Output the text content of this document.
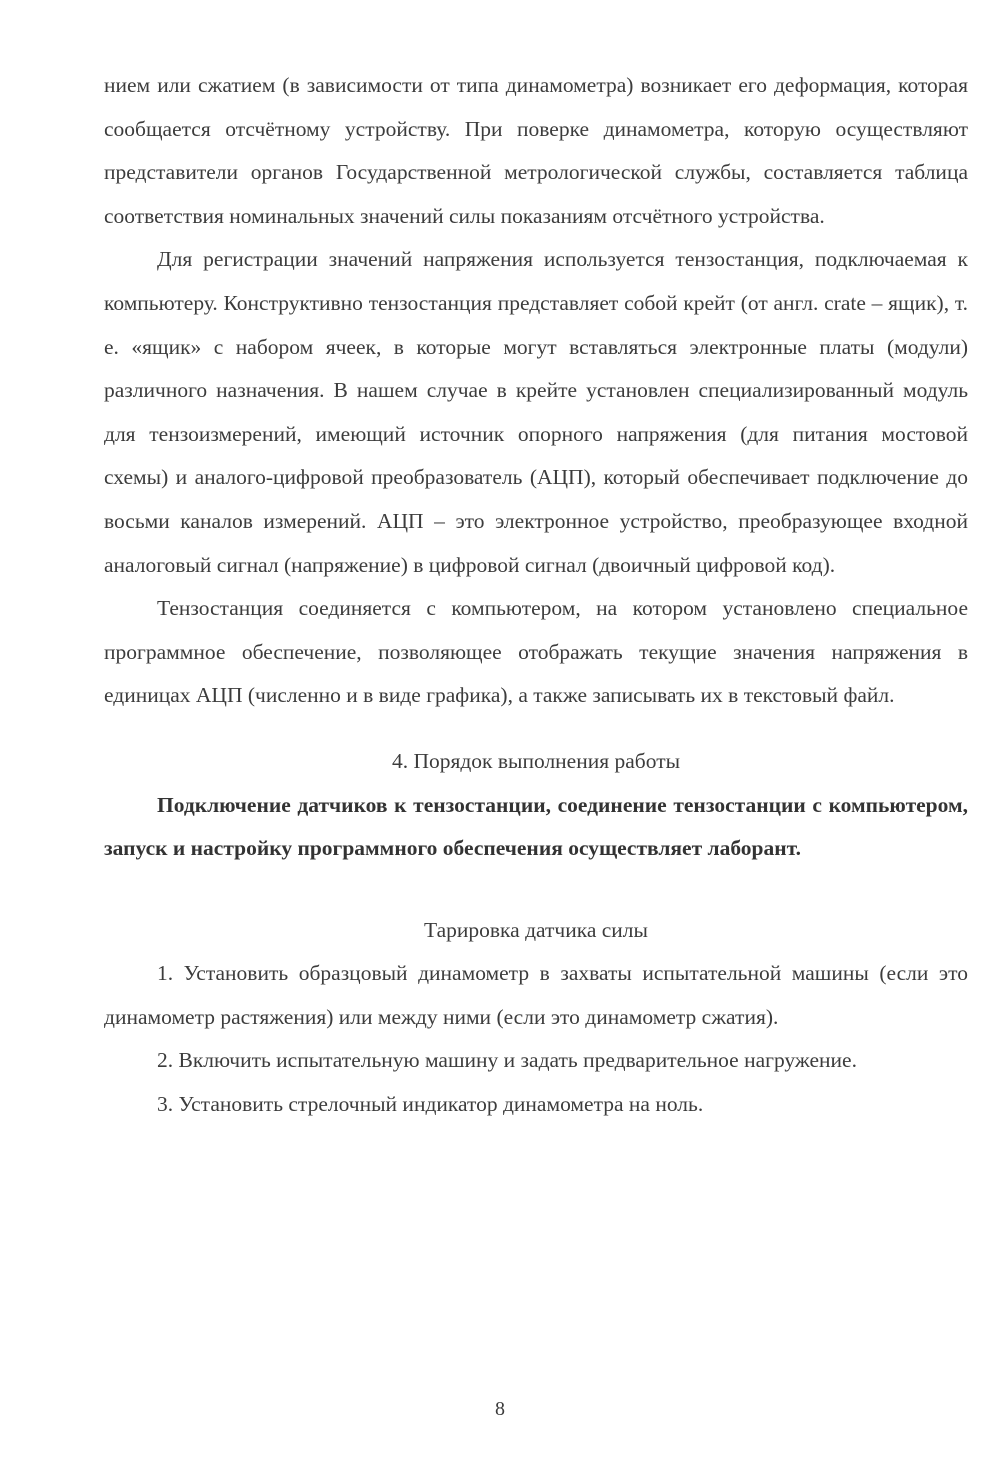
нием или сжатием (в зависимости от типа динамометра) возникает его деформация, которая сообщается отсчётному устройству. При поверке динамометра, которую осуществляют представители органов Государственной метрологической службы, составляется таблица соответствия номинальных значений силы показаниям отсчётного устройства.

Для регистрации значений напряжения используется тензостанция, подключаемая к компьютеру. Конструктивно тензостанция представляет собой крейт (от англ. crate – ящик), т. е. «ящик» с набором ячеек, в которые могут вставляться электронные платы (модули) различного назначения. В нашем случае в крейте установлен специализированный модуль для тензоизмерений, имеющий источник опорного напряжения (для питания мостовой схемы) и аналого-цифровой преобразователь (АЦП), который обеспечивает подключение до восьми каналов измерений. АЦП – это электронное устройство, преобразующее входной аналоговый сигнал (напряжение) в цифровой сигнал (двоичный цифровой код).

Тензостанция соединяется с компьютером, на котором установлено специальное программное обеспечение, позволяющее отображать текущие значения напряжения в единицах АЦП (численно и в виде графика), а также записывать их в текстовый файл.

4. Порядок выполнения работы

Подключение датчиков к тензостанции, соединение тензостанции с компьютером, запуск и настройку программного обеспечения осуществляет лаборант.

Тарировка датчика силы

1. Установить образцовый динамометр в захваты испытательной машины (если это динамометр растяжения) или между ними (если это динамометр сжатия).

2. Включить испытательную машину и задать предварительное нагружение.

3. Установить стрелочный индикатор динамометра на ноль.

8
